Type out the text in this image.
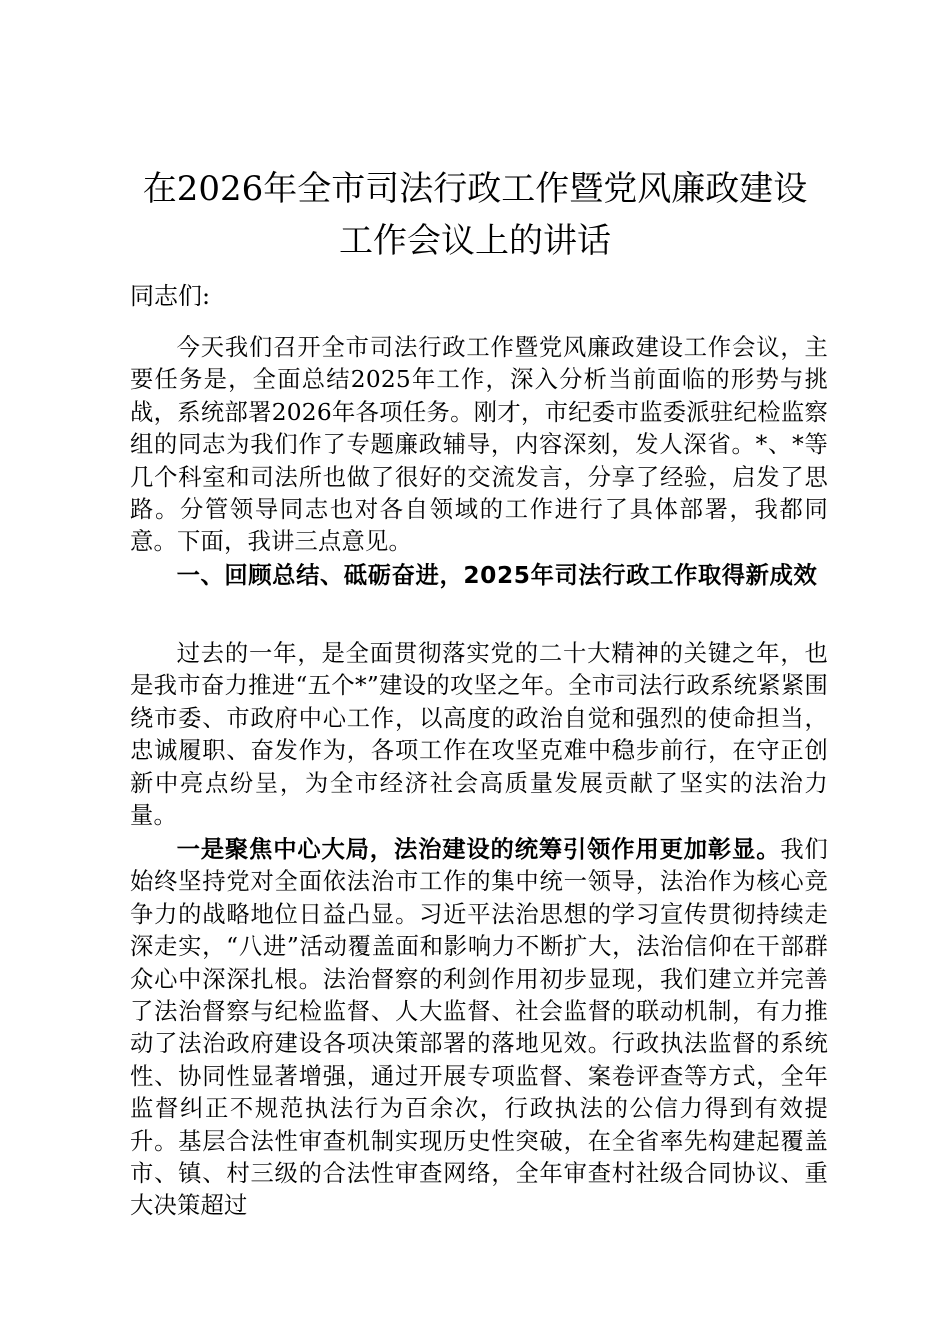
在2026年全市司法行政工作暨党风廉政建设
工作会议上的讲话
同志们:

今天我们召开全市司法行政工作暨党风廉政建设工作会议，主要任务是，全面总结2025年工作，深入分析当前面临的形势与挑战，系统部署2026年各项任务。刚才，市纪委市监委派驻纪检监察组的同志为我们作了专题廉政辅导，内容深刻，发人深省。*、*等几个科室和司法所也做了很好的交流发言，分享了经验，启发了思路。分管领导同志也对各自领域的工作进行了具体部署，我都同意。下面，我讲三点意见。

一、回顾总结、砥砺奋进，2025年司法行政工作取得新成效

过去的一年，是全面贯彻落实党的二十大精神的关键之年，也是我市奋力推进“五个*”建设的攻坚之年。全市司法行政系统紧紧围绕市委、市政府中心工作，以高度的政治自觉和强烈的使命担当，忠诚履职、奋发作为，各项工作在攻坚克难中稳步前行，在守正创新中亮点纷呈，为全市经济社会高质量发展贡献了坚实的法治力量。

一是聚焦中心大局，法治建设的统筹引领作用更加彰显。我们始终坚持党对全面依法治市工作的集中统一领导，法治作为核心竞争力的战略地位日益凸显。习近平法治思想的学习宣传贯彻持续走深走实，“八进”活动覆盖面和影响力不断扩大，法治信仰在干部群众心中深深扎根。法治督察的利剑作用初步显现，我们建立并完善了法治督察与纪检监督、人大监督、社会监督的联动机制，有力推动了法治政府建设各项决策部署的落地见效。行政执法监督的系统性、协同性显著增强，通过开展专项监督、案卷评查等方式，全年监督纠正不规范执法行为百余次，行政执法的公信力得到有效提升。基层合法性审查机制实现历史性突破，在全省率先构建起覆盖市、镇、村三级的合法性审查网络，全年审查村社级合同协议、重大决策超过
